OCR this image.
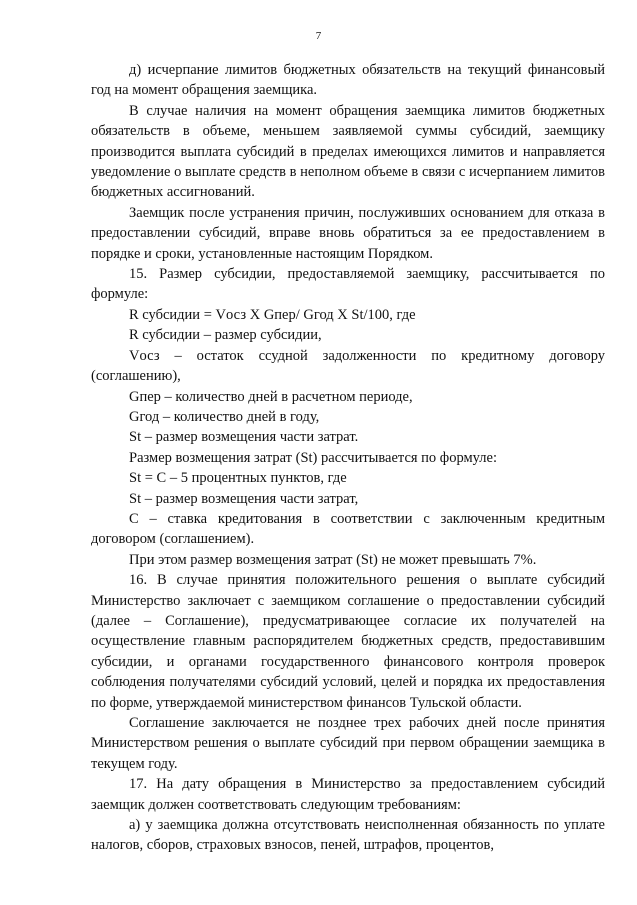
7

д) исчерпание лимитов бюджетных обязательств на текущий финансовый год на момент обращения заемщика.

В случае наличия на момент обращения заемщика лимитов бюджетных обязательств в объеме, меньшем заявляемой суммы субсидий, заемщику производится выплата субсидий в пределах имеющихся лимитов и направляется уведомление о выплате средств в неполном объеме в связи с исчерпанием лимитов бюджетных ассигнований.

Заемщик после устранения причин, послуживших основанием для отказа в предоставлении субсидий, вправе вновь обратиться за ее предоставлением в порядке и сроки, установленные настоящим Порядком.

15. Размер субсидии, предоставляемой заемщику, рассчитывается по формуле:

R субсидии = Vосз X Gпер/ Gгод X St/100, где

R субсидии – размер субсидии,

Vосз – остаток ссудной задолженности по кредитному договору (соглашению),

Gпер – количество дней в расчетном периоде,

Gгод – количество дней в году,

St – размер возмещения части затрат.

Размер возмещения затрат (St) рассчитывается по формуле:

St = С – 5 процентных пунктов, где

St – размер возмещения части затрат,

С – ставка кредитования в соответствии с заключенным кредитным договором (соглашением).

При этом размер возмещения затрат (St) не может превышать 7%.

16. В случае принятия положительного решения о выплате субсидий Министерство заключает с заемщиком соглашение о предоставлении субсидий (далее – Соглашение), предусматривающее согласие их получателей на осуществление главным распорядителем бюджетных средств, предоставившим субсидии, и органами государственного финансового контроля проверок соблюдения получателями субсидий условий, целей и порядка их предоставления по форме, утверждаемой министерством финансов Тульской области.

Соглашение заключается не позднее трех рабочих дней после принятия Министерством решения о выплате субсидий при первом обращении заемщика в текущем году.

17. На дату обращения в Министерство за предоставлением субсидий заемщик должен соответствовать следующим требованиям:

а) у заемщика должна отсутствовать неисполненная обязанность по уплате налогов, сборов, страховых взносов, пеней, штрафов, процентов,
